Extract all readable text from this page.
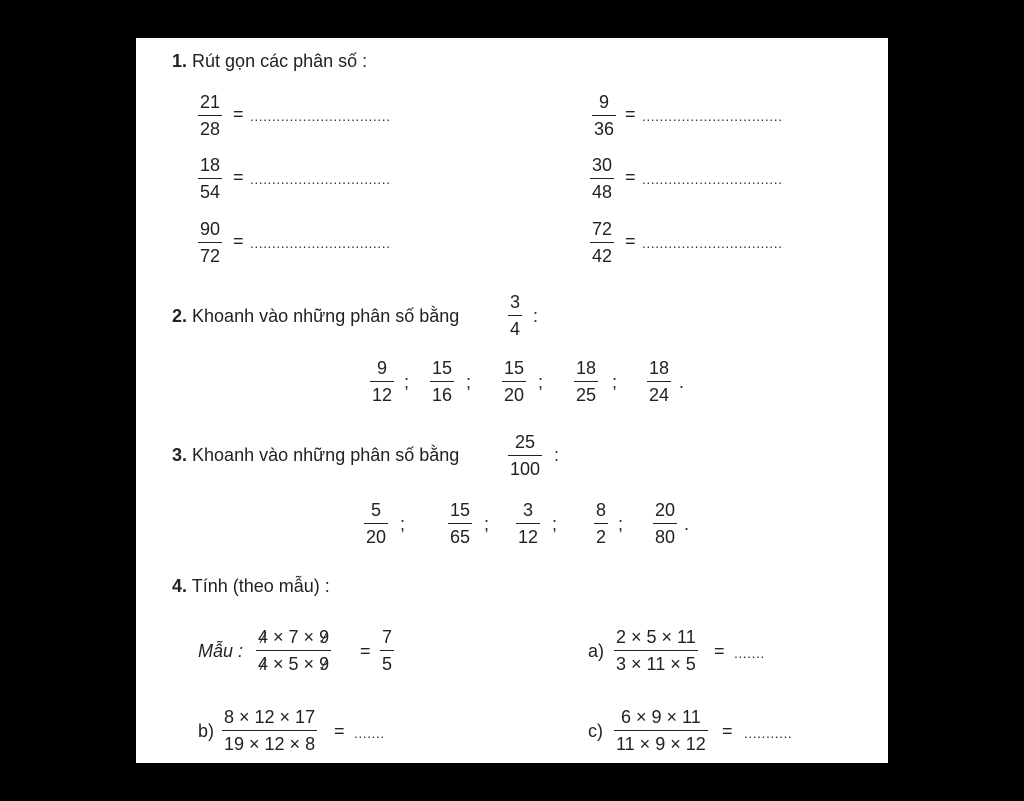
1. Rút gọn các phân số :
21
28
= ................................
9
36
= ................................
18
54
= ................................
30
48
= ................................
90
72
= ................................
72
42
= ................................
2. Khoanh vào những phân số bằng
3
4
:
9
12
;
15
16
;
15
20
;
18
25
;
18
24
.
3. Khoanh vào những phân số bằng
25
100
:
5
20
;
15
65
;
3
12
;
8
2
;
20
80
.
4. Tính (theo mẫu) :
Mẫu :
4 × 7 × 9
4 × 5 × 9
=
7
5
a)
2 × 5 × 11
3 × 11 × 5
= .......
b)
8 × 12 × 17
19 × 12 × 8
= .......	c)
6 × 9 × 11
11 × 9 × 12
= ...........
